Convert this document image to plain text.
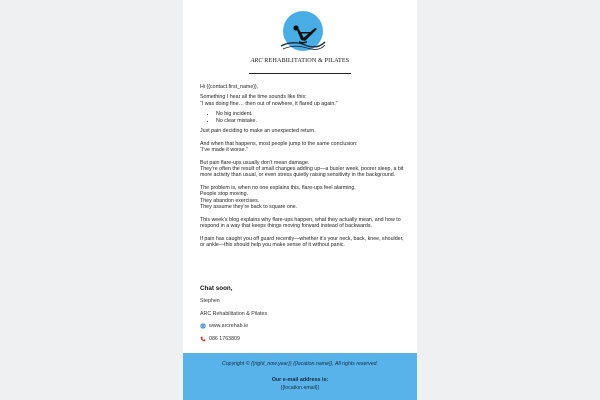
ARC REHABILITATION & PILATES

Hi {{contact.first_name}},

Something I hear all the time sounds like this:

“I was doing fine… then out of nowhere, it flared up again.”

• No big incident.
• No clear mistake.

Just pain deciding to make an unexpected return.

And when that happens, most people jump to the same conclusion:

“I’ve made it worse.”

But pain flare-ups usually don’t mean damage.

They’re often the result of small changes adding up—a busier week, poorer sleep, a bit more activity than usual, or even stress quietly raising sensitivity in the background.

The problem is, when no one explains this, flare-ups feel alarming.

People stop moving.

They abandon exercises.

They assume they’re back to square one.

This week’s blog explains why flare-ups happen, what they actually mean, and how to respond in a way that keeps things moving forward instead of backwards.

If pain has caught you off guard recently—whether it’s your neck, back, knee, shoulder, or ankle—this should help you make sense of it without panic.

Chat soon,
Stephen
ARC Rehabilitation & Pilates
www.arcrehab.ie
086 1763809
Copyright © {{right_now.year}} {{location.name}}, All rights reserved.
Our e-mail address is:
{{location.email}}
